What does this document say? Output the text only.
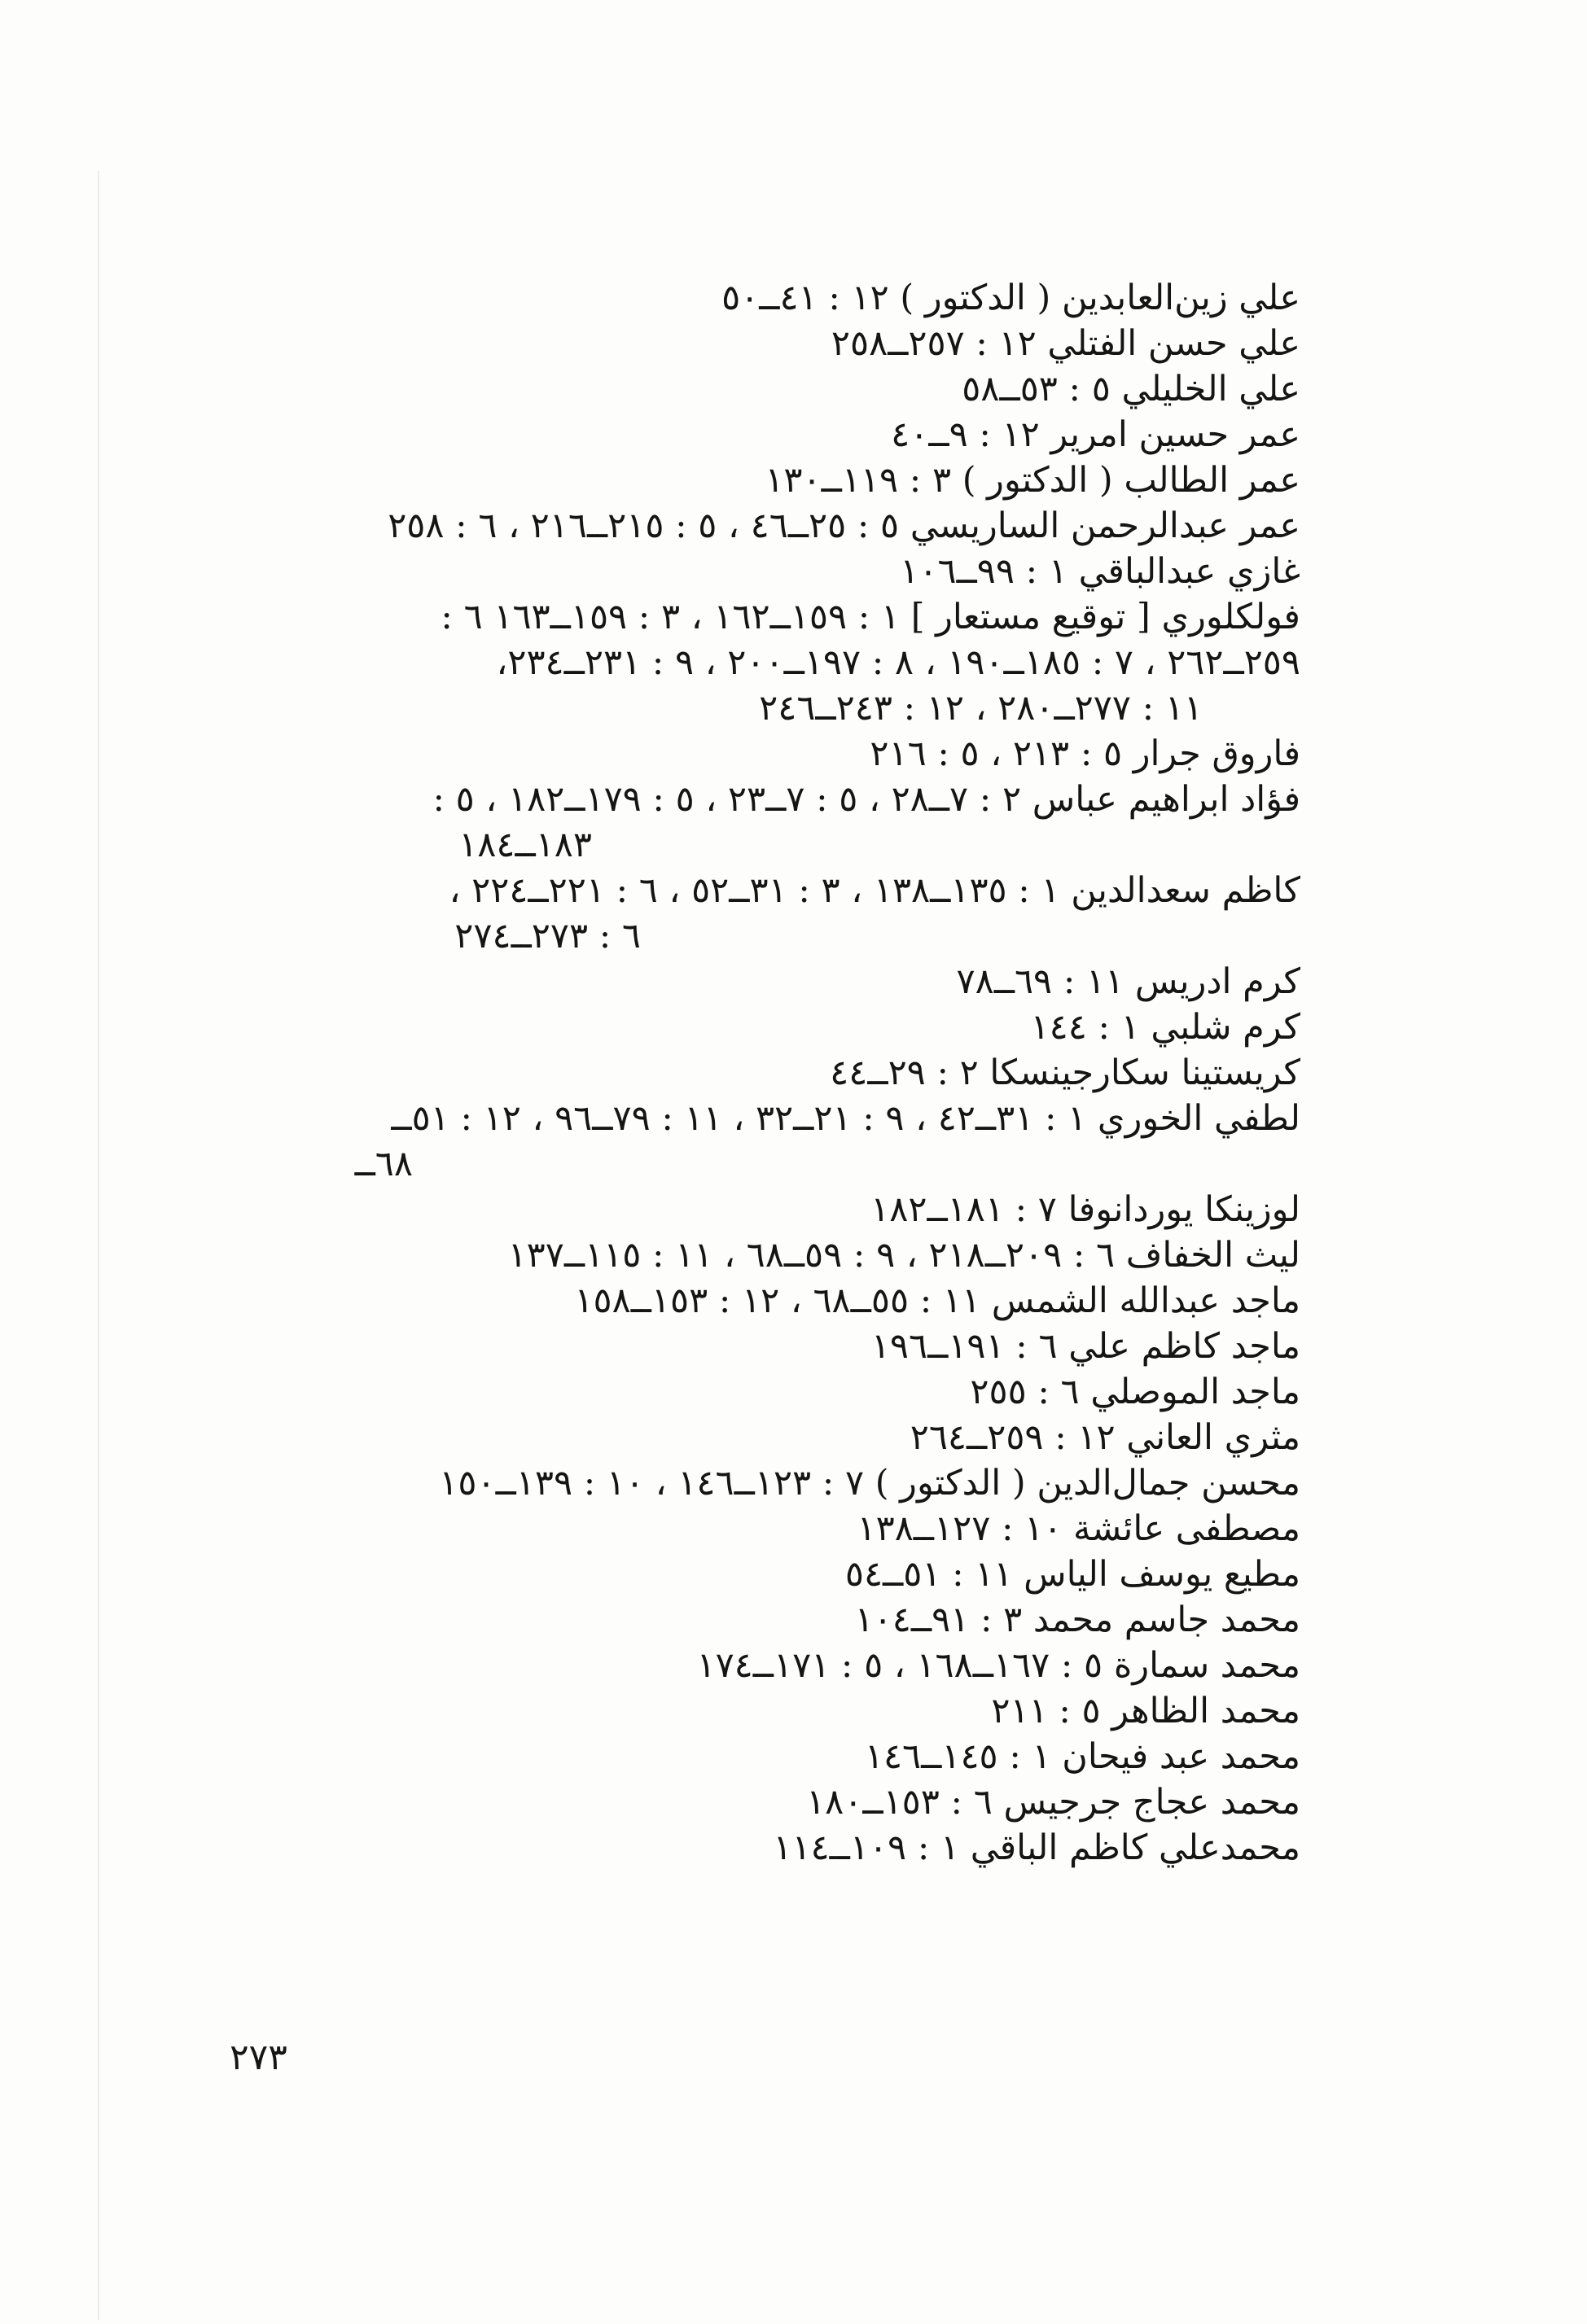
علي زين‌العابدين ( الدكتور ) ١٢ : ٤١ــ٥٠
علي حسن الفتلي ١٢ : ٢٥٧ــ٢٥٨
علي الخليلي ٥ : ٥٣ــ٥٨
عمر حسين امرير ١٢ : ٩ــ٤٠
عمر الطالب ( الدكتور ) ٣ : ١١٩ــ١٣٠
عمر عبدالرحمن الساريسي ٥ : ٢٥ــ٤٦ ، ٥ : ٢١٥ــ٢١٦ ، ٦ : ٢٥٨
غازي عبدالباقي ١ : ٩٩ــ١٠٦
فولكلوري [ توقيع مستعار ] ١ : ١٥٩ــ١٦٢ ، ٣ : ١٥٩ــ١٦٣ ٦ :
٢٥٩ــ٢٦٢ ، ٧ : ١٨٥ــ١٩٠ ، ٨ : ١٩٧ــ٢٠٠ ، ٩ : ٢٣١ــ٢٣٤،
١١ : ٢٧٧ــ٢٨٠ ، ١٢ : ٢٤٣ــ٢٤٦
فاروق جرار ٥ : ٢١٣ ، ٥ : ٢١٦
فؤاد ابراهيم عباس ٢ : ٧ــ٢٨ ، ٥ : ٧ــ٢٣ ، ٥ : ١٧٩ــ١٨٢ ، ٥ :
١٨٣ــ١٨٤
كاظم سعدالدين ١ : ١٣٥ــ١٣٨ ، ٣ : ٣١ــ٥٢ ، ٦ : ٢٢١ــ٢٢٤ ،
٦ : ٢٧٣ــ٢٧٤
كرم ادريس ١١ : ٦٩ــ٧٨
كرم شلبي ١ : ١٤٤
كريستينا سكارجينسكا ٢ : ٢٩ــ٤٤
لطفي الخوري ١ : ٣١ــ٤٢ ، ٩ : ٢١ــ٣٢ ، ١١ : ٧٩ــ٩٦ ، ١٢ : ٥١ــ
٦٨ــ
لوزينكا يوردانوفا ٧ : ١٨١ــ١٨٢
ليث الخفاف ٦ : ٢٠٩ــ٢١٨ ، ٩ : ٥٩ــ٦٨ ، ١١ : ١١٥ــ١٣٧
ماجد عبدالله الشمس ١١ : ٥٥ــ٦٨ ، ١٢ : ١٥٣ــ١٥٨
ماجد كاظم علي ٦ : ١٩١ــ١٩٦
ماجد الموصلي ٦ : ٢٥٥
مثري العاني ١٢ : ٢٥٩ــ٢٦٤
محسن جمال‌الدين ( الدكتور ) ٧ : ١٢٣ــ١٤٦ ، ١٠ : ١٣٩ــ١٥٠
مصطفى عائشة ١٠ : ١٢٧ــ١٣٨
مطيع يوسف الياس ١١ : ٥١ــ٥٤
محمد جاسم محمد ٣ : ٩١ــ١٠٤
محمد سمارة ٥ : ١٦٧ــ١٦٨ ، ٥ : ١٧١ــ١٧٤
محمد الظاهر ٥ : ٢١١
محمد عبد فيحان ١ : ١٤٥ــ١٤٦
محمد عجاج جرجيس ٦ : ١٥٣ــ١٨٠
محمدعلي كاظم الباقي ١ : ١٠٩ــ١١٤
٢٧٣
